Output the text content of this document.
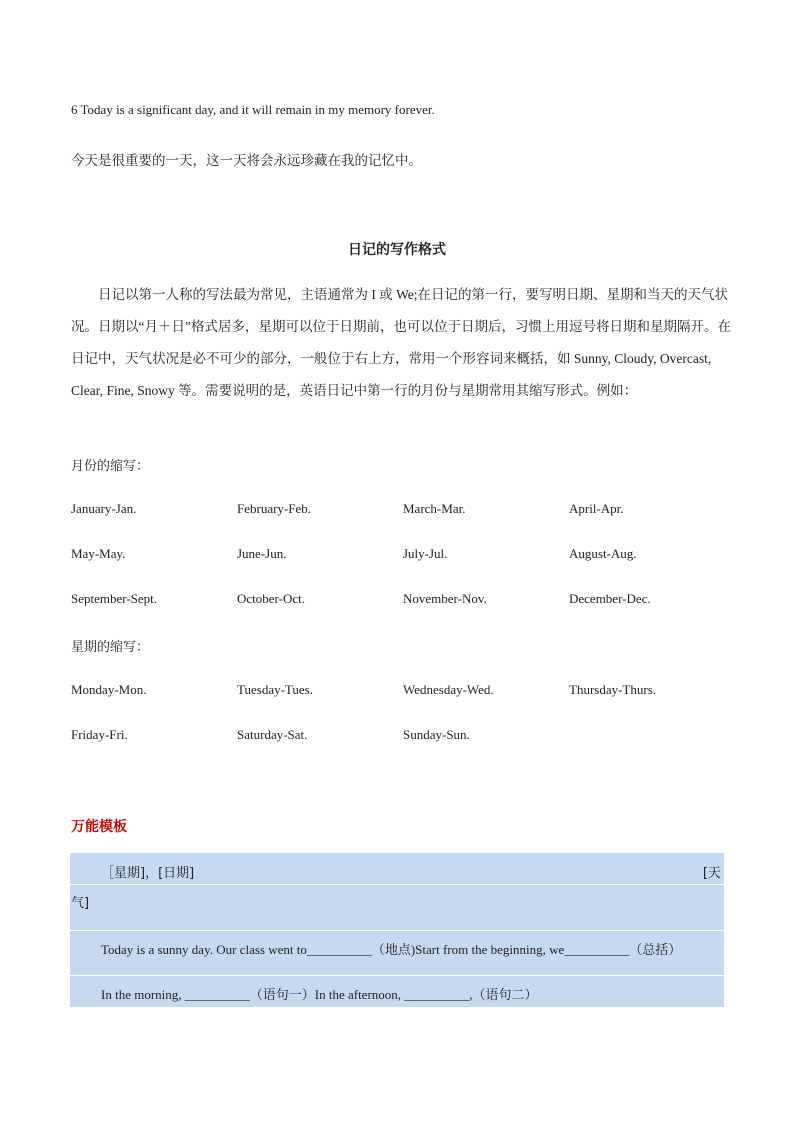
6 Today is a significant day, and it will remain in my memory forever.
今天是很重要的一天，这一天将会永远珍藏在我的记忆中。
日记的写作格式
日记以第一人称的写法最为常见，主语通常为 I 或 We;在日记的第一行，要写明日期、星期和当天的天气状况。日期以“月＋日”格式居多，星期可以位于日期前，也可以位于日期后，习惯上用逗号将日期和星期隔开。在日记中，天气状况是必不可少的部分，一般位于右上方，常用一个形容词来概括，如 Sunny, Cloudy, Overcast, Clear, Fine, Snowy 等。需要说明的是，英语日记中第一行的月份与星期常用其缩写形式。例如：
月份的缩写：
January-Jan.	February-Feb.	March-Mar.	April-Apr.
May-May.	June-Jun.	July-Jul.	August-Aug.
September-Sept.	October-Oct.	November-Nov.	December-Dec.
星期的缩写：
Monday-Mon.	Tuesday-Tues.	Wednesday-Wed.	Thursday-Thurs.
Friday-Fri.	Saturday-Sat.	Sunday-Sun.
万能模板
［星期]，[日期]	[天
气]
Today is a sunny day. Our class went to__________（地点)Start from the beginning, we__________（总括）
In the morning, __________（语句一）In the afternoon, __________,（语句二）
